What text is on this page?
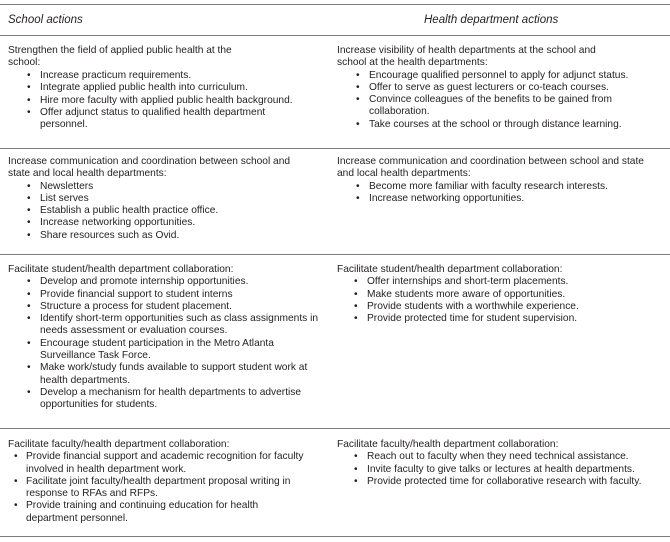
School actions	Health department actions

Strengthen the field of applied public health at the school:

• Increase practicum requirements.
• Integrate applied public health into curriculum.
• Hire more faculty with applied public health background.
• Offer adjunct status to qualified health department personnel.

Increase visibility of health departments at the school and school at the health departments:

• Encourage qualified personnel to apply for adjunct status.
• Offer to serve as guest lecturers or co-teach courses.
• Convince colleagues of the benefits to be gained from collaboration.
• Take courses at the school or through distance learning.

Increase communication and coordination between school and state and local health departments:

• Newsletters
• List serves
• Establish a public health practice office.
• Increase networking opportunities.
• Share resources such as Ovid.

Increase communication and coordination between school and state and local health departments:

• Become more familiar with faculty research interests.
• Increase networking opportunities.

Facilitate student/health department collaboration:

• Develop and promote internship opportunities.
• Provide financial support to student interns
• Structure a process for student placement.
• Identify short-term opportunities such as class assignments in needs assessment or evaluation courses.
• Encourage student participation in the Metro Atlanta Surveillance Task Force.
• Make work/study funds available to support student work at health departments.
• Develop a mechanism for health departments to advertise opportunities for students.

Facilitate student/health department collaboration:

• Offer internships and short-term placements.
• Make students more aware of opportunities.
• Provide students with a worthwhile experience.
• Provide protected time for student supervision.

Facilitate faculty/health department collaboration:

• Provide financial support and academic recognition for faculty involved in health department work.
• Facilitate joint faculty/health department proposal writing in response to RFAs and RFPs.
• Provide training and continuing education for health department personnel.

Facilitate faculty/health department collaboration:

• Reach out to faculty when they need technical assistance.
• Invite faculty to give talks or lectures at health departments.
• Provide protected time for collaborative research with faculty.
